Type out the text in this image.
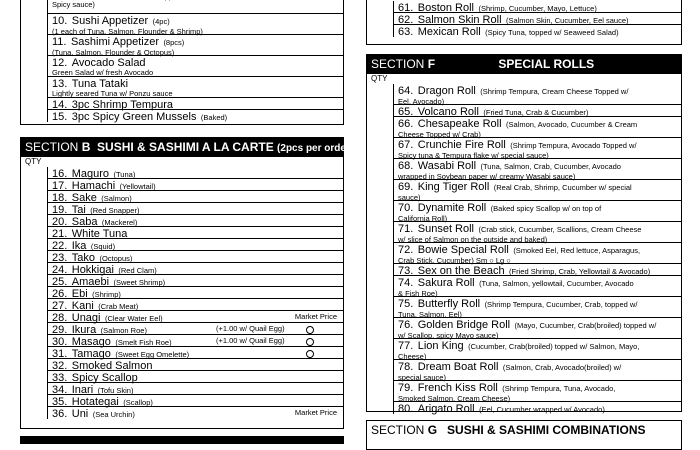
Spicy sauce)
10. Sushi Appetizer (4pc)
(1 each of Tuna, Salmon, Flounder & Shrimp)
11. Sashimi Appetizer (8pcs)
(Tuna, Salmon, Flounder & Octopus)
12. Avocado Salad
Green Salad w/ fresh Avocado
13. Tuna Tataki
Lightly seared Tuna w/ Ponzu sauce
14. 3pc Shrimp Tempura
15. 3pc Spicy Green Mussels (Baked)
SECTION B SUSHI & SASHIMI A LA CARTE (2pcs per order)
QTY
16. Maguro (Tuna)
17. Hamachi (Yellowtail)
18. Sake (Salmon)
19. Tai (Red Snapper)
20. Saba (Mackerel)
21. White Tuna
22. Ika (Squid)
23. Tako (Octopus)
24. Hokkigai (Red Clam)
25. Amaebi (Sweet Shrimp)
26. Ebi (Shrimp)
27. Kani (Crab Meat)
28. Unagi (Clear Water Eel)	Market Price
29. Ikura (Salmon Roe)	(+1.00 w/ Quail Egg)
30. Masago (Smelt Fish Roe)	(+1.00 w/ Quail Egg)
31. Tamago (Sweet Egg Omelette)
32. Smoked Salmon
33. Spicy Scallop
34. Inari (Tofu Skin)
35. Hotategai (Scallop)
36. Uni (Sea Urchin)	Market Price
61. Boston Roll (Shrimp, Cucumber, Mayo, Lettuce)
62. Salmon Skin Roll (Salmon Skin, Cucumber, Eel sauce)
63. Mexican Roll (Spicy Tuna, topped w/ Seaweed Salad)
SECTION F	SPECIAL ROLLS
QTY
64. Dragon Roll (Shrimp Tempura, Cream Cheese Topped w/
Eel, Avocado)
65. Volcano Roll (Fried Tuna, Crab & Cucumber)
66. Chesapeake Roll (Salmon, Avocado, Cucumber & Cream
Cheese Topped w/ Crab)
67. Crunchie Fire Roll (Shrimp Tempura, Avocado Topped w/
Spicy tuna & Tempura flake w/ special sauce)
68. Wasabi Roll (Tuna, Salmon, Crab, Cucumber, Avocado
wrapped in Soybean paper w/ creamy Wasabi sauce)
69. King Tiger Roll (Real Crab, Shrimp, Cucumber w/ special
sauce)
70. Dynamite Roll (Baked spicy Scallop w/ on top of
California Roll)
71. Sunset Roll (Crab stick, Cucumber, Scallions, Cream Cheese
w/ slice of Salmon on the outside and baked)
72. Bowie Special Roll (Smoked Eel, Red lettuce, Asparagus,
Crab Stick, Cucumber) Sm ○ Lg ○
73. Sex on the Beach (Fried Shrimp, Crab, Yellowtail & Avocado)
74. Sakura Roll (Tuna, Salmon, yellowtail, Cucumber, Avocado
& Fish Roe)
75. Butterfly Roll (Shrimp Tempura, Cucumber, Crab, topped w/
Tuna, Salmon, Eel)
76. Golden Bridge Roll (Mayo, Cucumber, Crab(broiled) topped w/
w/ Scallop, spicy Mayo sauce)
77. Lion King (Cucumber, Crab(broiled) topped w/ Salmon, Mayo,
Cheese)
78. Dream Boat Roll (Salmon, Crab, Avocado(broiled) w/
special sauce)
79. French Kiss Roll (Shrimp Tempura, Tuna, Avocado,
Smoked Salmon, Cream Cheese)
80. Arigato Roll (Eel, Cucumber wrapped w/ Avocado)
SECTION G SUSHI & SASHIMI COMBINATIONS
